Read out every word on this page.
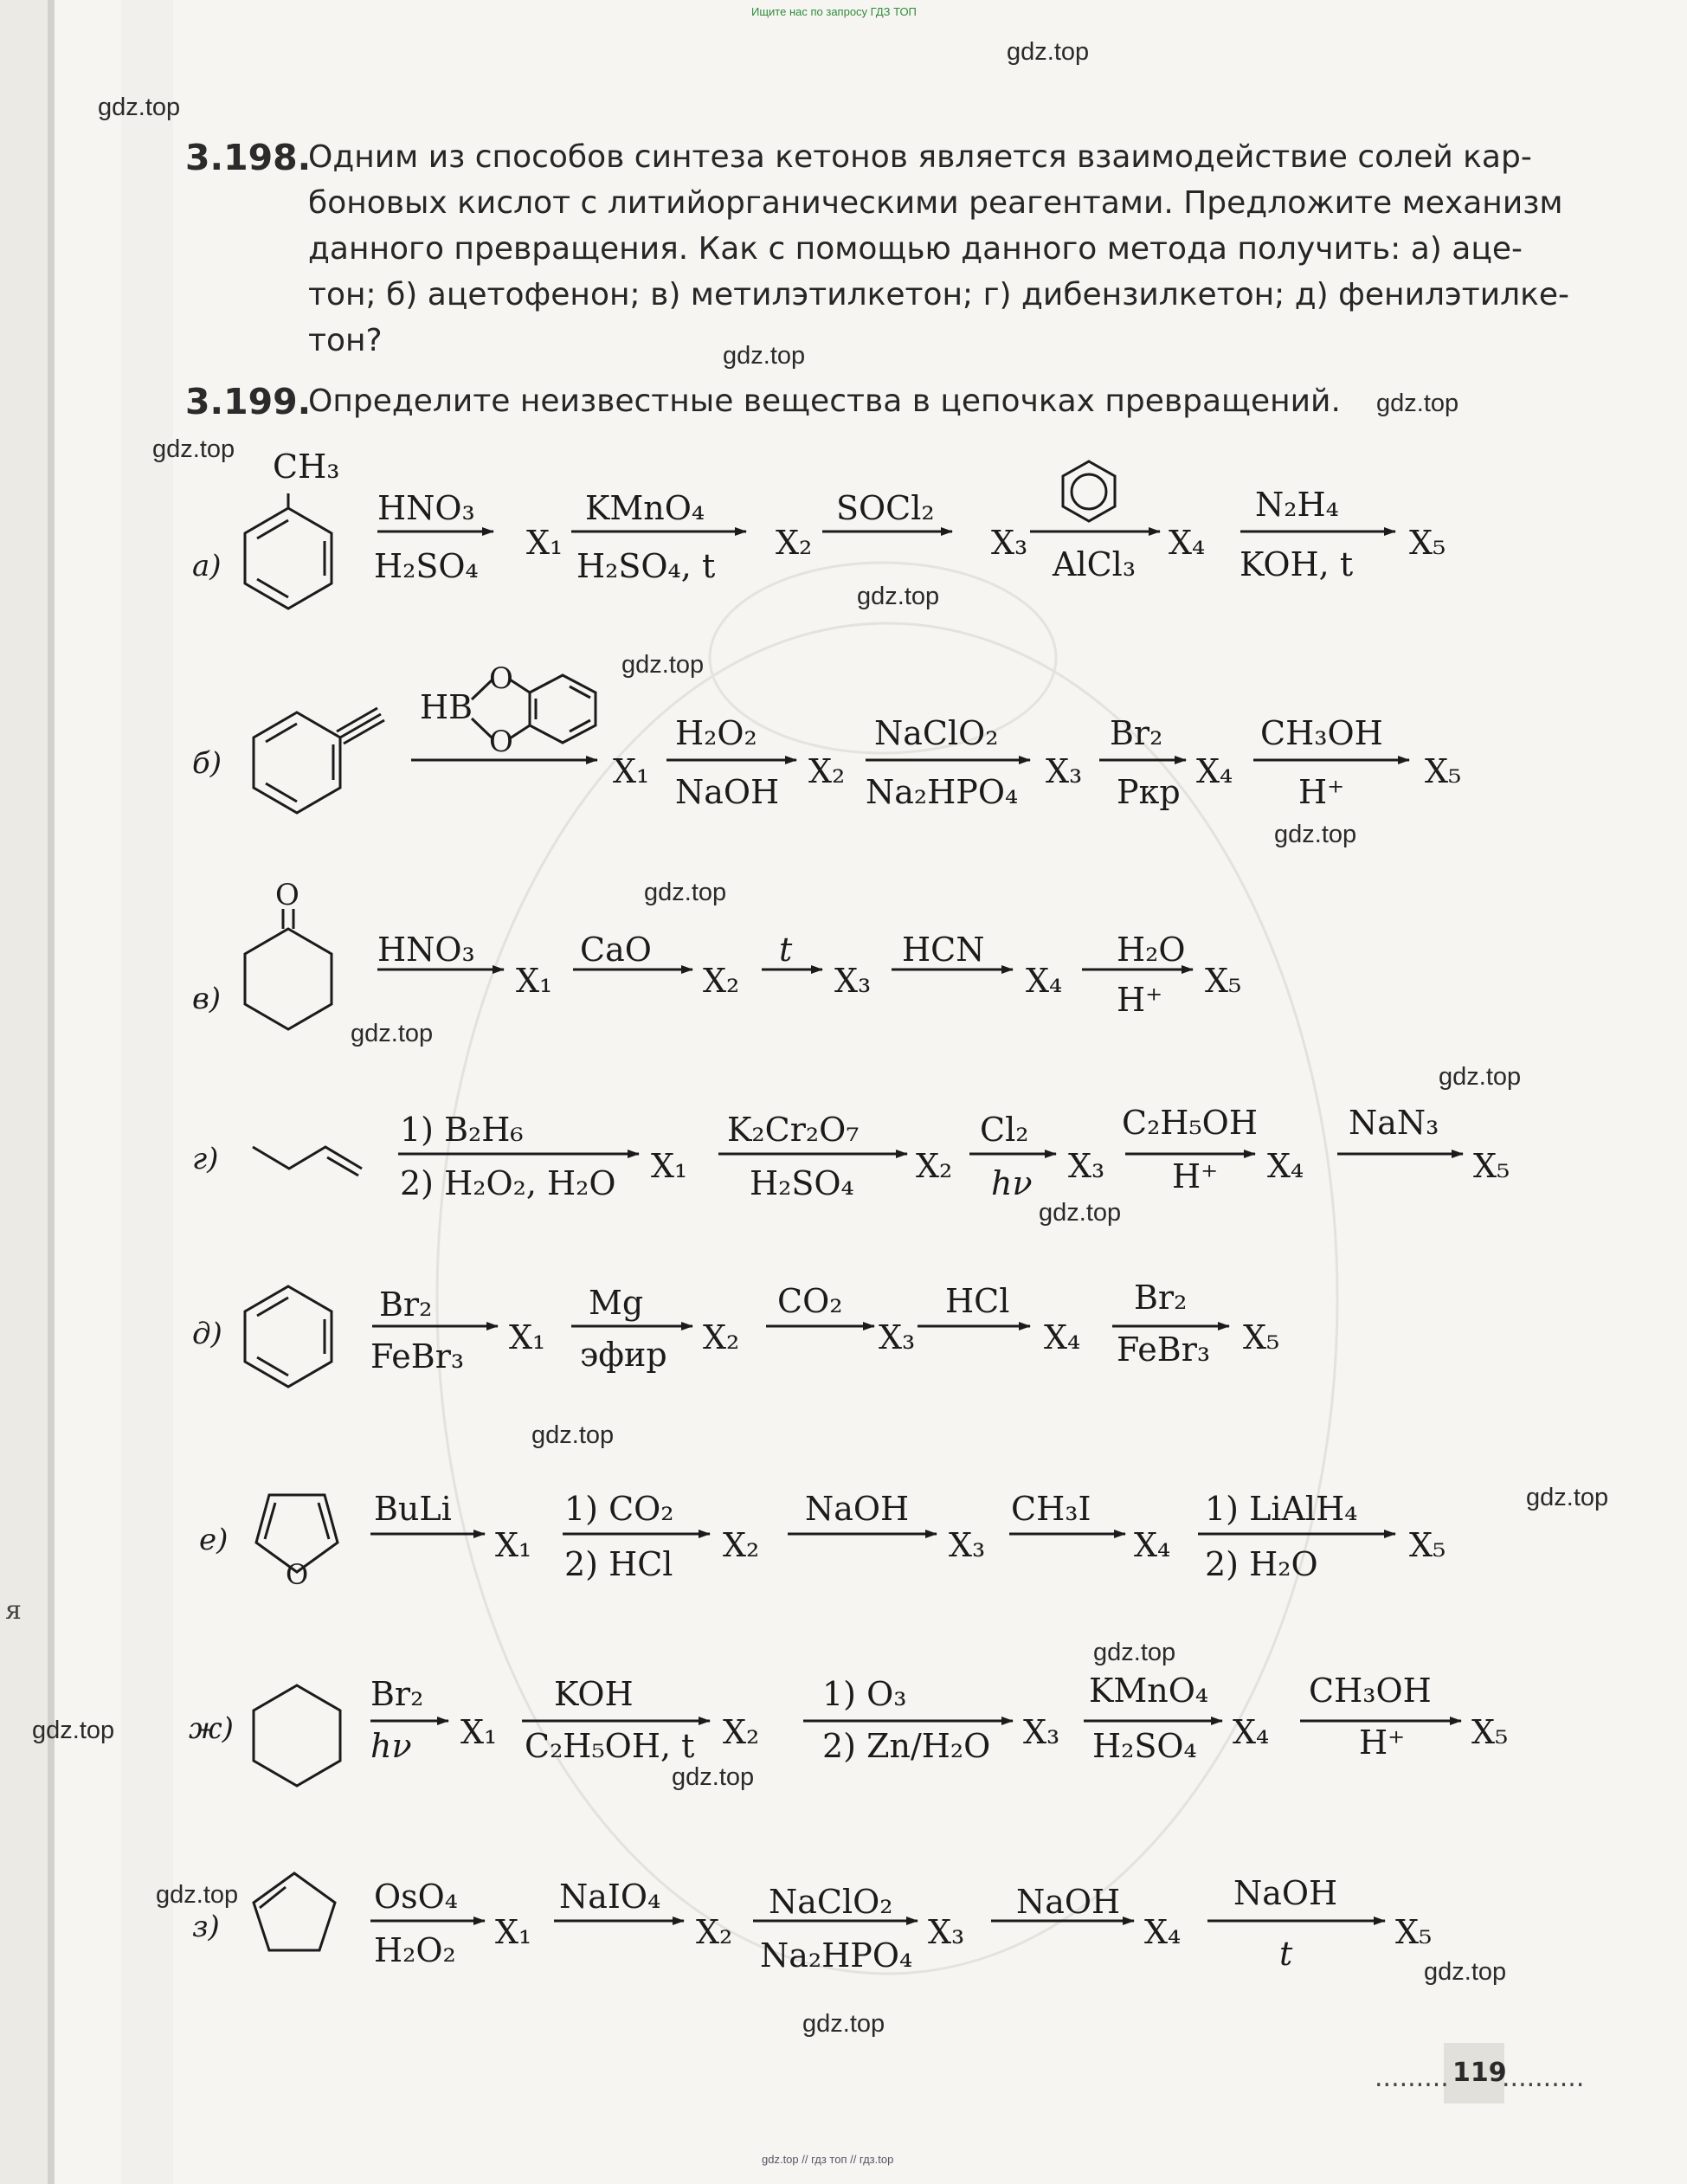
Ищите нас по запросу ГДЗ ТОП
gdz.top // гдз топ // гдз.top
gdz.top
gdz.top
gdz.top
gdz.top
gdz.top
gdz.top
gdz.top
gdz.top
gdz.top
gdz.top
gdz.top
gdz.top
gdz.top
gdz.top
gdz.top
gdz.top
gdz.top
gdz.top
gdz.top
gdz.top
я
3.198.
Одним из способов синтеза кетонов является взаимодействие солей кар-
боновых кислот с литийорганическими реагентами. Предложите механизм
данного превращения. Как с помощью данного метода получить: а) аце-
тон; б) ацетофенон; в) метилэтилкетон; г) дибензилкетон; д) фенилэтилке-
тон?
3.199.
Определите неизвестные вещества в цепочках превращений.
а)
CH₃
HNO₃
H₂SO₄
KMnO₄
H₂SO₄, t
SOCl₂
AlCl₃
N₂H₄
KOH, t
б)
HB
O
O	H₂O₂
NaOH
NaClO₂
Na₂HPO₄
Br₂
Pкр
CH₃OH
H⁺
в)
O
HNO₃	CaO	t	HCN	H₂O
H⁺
г)
1) B₂H₆
2) H₂O₂, H₂O
K₂Cr₂O₇
H₂SO₄
Cl₂
hν
C₂H₅OH
H⁺
NaN₃
д)
Br₂
FeBr₃
Mg
эфир
CO₂	HCl	Br₂
FeBr₃
е)
O
BuLi	1) CO₂
2) HCl
NaOH	CH₃I	1) LiAlH₄
2) H₂O
ж)
Br₂
hν
KOH
C₂H₅OH, t
1) O₃
2) Zn/H₂O
KMnO₄
H₂SO₄
CH₃OH
H⁺
з)
OsO₄
H₂O₂
NaIO₄	NaClO₂
Na₂HPO₄
NaOH	NaOH
t
X₁	X₂	X₃	X₄	X₅
X₁	X₂	X₃	X₄	X₅
X₁	X₂	X₃	X₄	X₅
X₁	X₂	X₃	X₄	X₅
X₁	X₂	X₃	X₄	X₅
X₁	X₂	X₃	X₄	X₅
X₁	X₂	X₃	X₄	X₅
X₁	X₂	X₃	X₄	X₅
......... 119
..........
